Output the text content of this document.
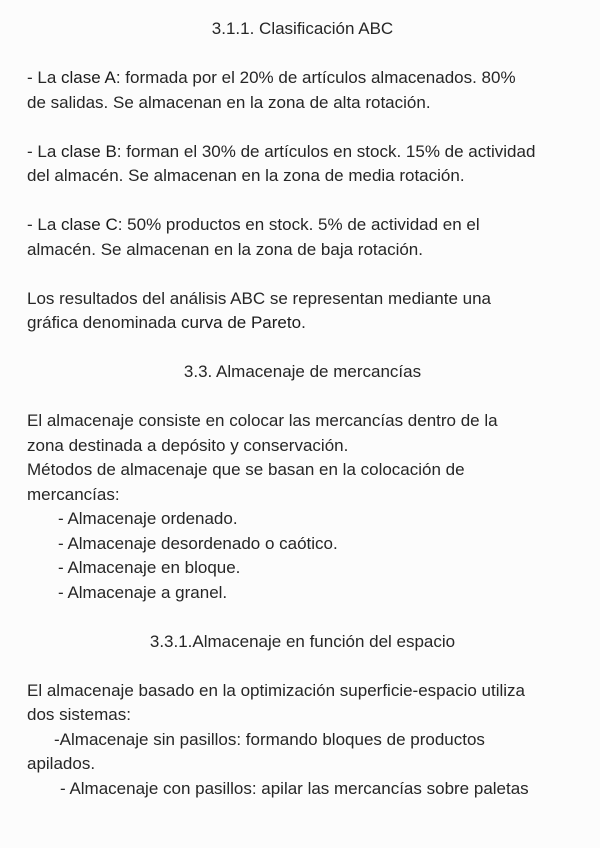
3.1.1. Clasificación ABC

- La clase A: formada por el 20% de artículos almacenados. 80%
de salidas. Se almacenan en la zona de alta rotación.
- La clase B: forman el 30% de artículos en stock. 15% de actividad
del almacén. Se almacenan en la zona de media rotación.
- La clase C: 50% productos en stock. 5% de actividad en el
almacén. Se almacenan en la zona de baja rotación.
Los resultados del análisis ABC se representan mediante una
gráfica denominada curva de Pareto.

3.3. Almacenaje de mercancías

El almacenaje consiste en colocar las mercancías dentro de la
zona destinada a depósito y conservación.
Métodos de almacenaje que se basan en la colocación de
mercancías:
- Almacenaje ordenado.
- Almacenaje desordenado o caótico.
- Almacenaje en bloque.
- Almacenaje a granel.

3.3.1.Almacenaje en función del espacio

El almacenaje basado en la optimización superficie-espacio utiliza
dos sistemas:
-Almacenaje sin pasillos: formando bloques de productos
apilados.
- Almacenaje con pasillos: apilar las mercancías sobre paletas
